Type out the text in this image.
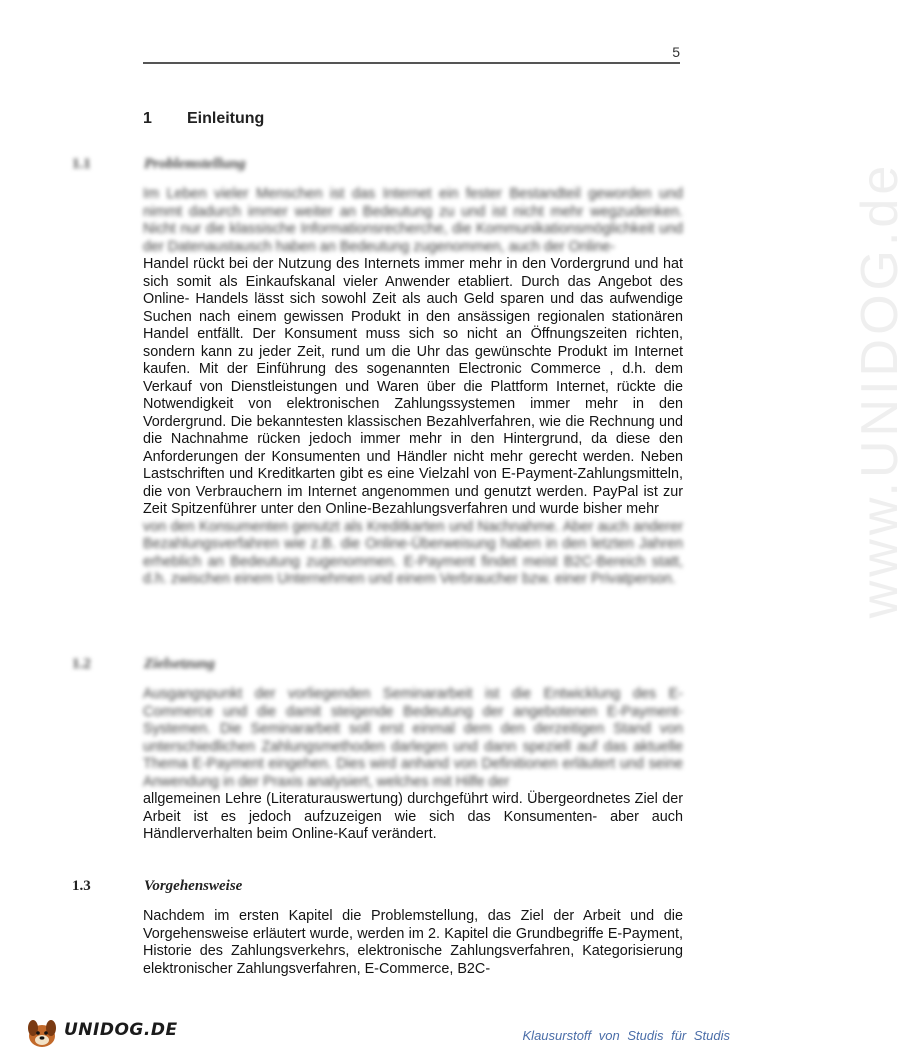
5
1 Einleitung
1.1	Problemstellung
Im Leben vieler Menschen ist das Internet ein fester Bestandteil geworden und nimmt dadurch immer weiter an Bedeutung zu und ist nicht mehr wegzudenken. Nicht nur die klassische Informationsrecherche, die Kommunikationsmöglichkeit und der Datenaustausch haben an Bedeutung zugenommen, auch der Online-
Handel rückt bei der Nutzung des Internets immer mehr in den Vordergrund und hat sich somit als Einkaufskanal vieler Anwender etabliert. Durch das Angebot des Online- Handels lässt sich sowohl Zeit als auch Geld sparen und das aufwendige Suchen nach einem gewissen Produkt in den ansässigen regionalen stationären Handel entfällt. Der Konsument muss sich so nicht an Öffnungszeiten richten, sondern kann zu jeder Zeit, rund um die Uhr das gewünschte Produkt im Internet kaufen. Mit der Einführung des sogenannten Electronic Commerce , d.h. dem Verkauf von Dienstleistungen und Waren über die Plattform Internet, rückte die Notwendigkeit von elektronischen Zahlungssystemen immer mehr in den Vordergrund. Die bekanntesten klassischen Bezahlverfahren, wie die Rechnung und die Nachnahme rücken jedoch immer mehr in den Hintergrund, da diese den Anforderungen der Konsumenten und Händler nicht mehr gerecht werden. Neben Lastschriften und Kreditkarten gibt es eine Vielzahl von E-Payment-Zahlungsmitteln, die von Verbrauchern im Internet angenommen und genutzt werden. PayPal ist zur Zeit Spitzenführer unter den Online-Bezahlungsverfahren und wurde bisher mehr
von den Konsumenten genutzt als Kreditkarten und Nachnahme. Aber auch anderer Bezahlungsverfahren wie z.B. die Online-Überweisung haben in den letzten Jahren erheblich an Bedeutung zugenommen. E-Payment findet meist B2C-Bereich statt, d.h. zwischen einem Unternehmen und einem Verbraucher bzw. einer Privatperson.
1.2	Zielsetzung
Ausgangspunkt der vorliegenden Seminararbeit ist die Entwicklung des E-Commerce und die damit steigende Bedeutung der angebotenen E-Payment-Systemen. Die Seminararbeit soll erst einmal dem den derzeitigen Stand von unterschiedlichen Zahlungsmethoden darlegen und dann speziell auf das aktuelle Thema E-Payment eingehen. Dies wird anhand von Definitionen erläutert und seine Anwendung in der Praxis analysiert, welches mit Hilfe der
allgemeinen Lehre (Literaturauswertung) durchgeführt wird. Übergeordnetes Ziel der Arbeit ist es jedoch aufzuzeigen wie sich das Konsumenten- aber auch Händlerverhalten beim Online-Kauf verändert.
1.3	Vorgehensweise
Nachdem im ersten Kapitel die Problemstellung, das Ziel der Arbeit und die Vorgehensweise erläutert wurde, werden im 2. Kapitel die Grundbegriffe E-Payment, Historie des Zahlungsverkehrs, elektronische Zahlungsverfahren, Kategorisierung elektronischer Zahlungsverfahren, E-Commerce, B2C-
www.UNIDOG.de
UNIDOG.DE	Klausurstoff von Studis für Studis
